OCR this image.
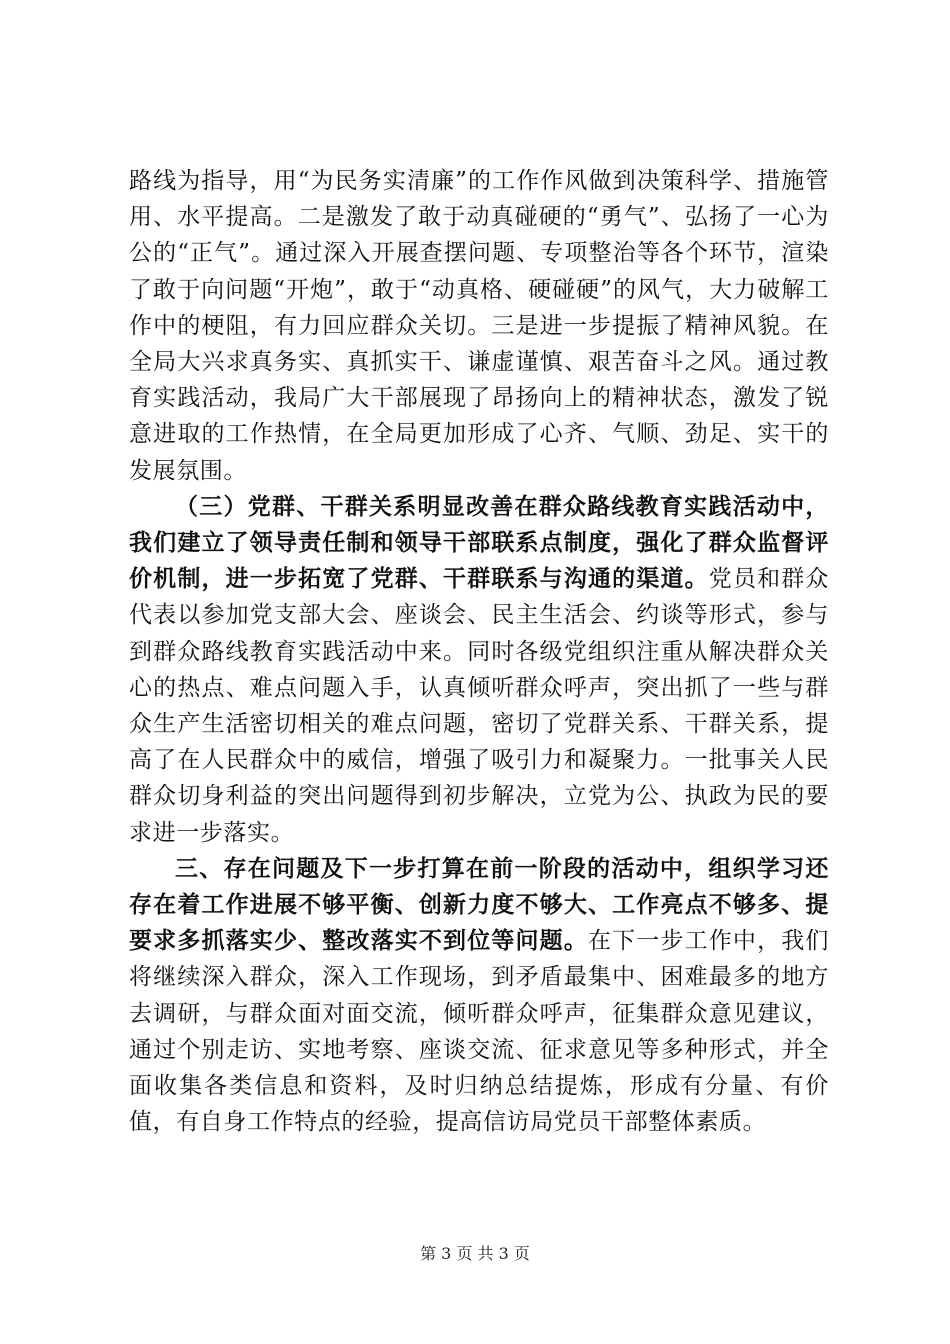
路线为指导，用“为民务实清廉”的工作作风做到决策科学、措施管用、水平提高。二是激发了敢于动真碰硬的“勇气”、弘扬了一心为公的“正气”。通过深入开展查摆问题、专项整治等各个环节，渲染了敢于向问题“开炮”，敢于“动真格、硬碰硬”的风气，大力破解工作中的梗阻，有力回应群众关切。三是进一步提振了精神风貌。在全局大兴求真务实、真抓实干、谦虚谨慎、艰苦奋斗之风。通过教育实践活动，我局广大干部展现了昂扬向上的精神状态，激发了锐意进取的工作热情，在全局更加形成了心齐、气顺、劲足、实干的发展氛围。

（三）党群、干群关系明显改善在群众路线教育实践活动中，我们建立了领导责任制和领导干部联系点制度，强化了群众监督评价机制，进一步拓宽了党群、干群联系与沟通的渠道。党员和群众代表以参加党支部大会、座谈会、民主生活会、约谈等形式，参与到群众路线教育实践活动中来。同时各级党组织注重从解决群众关心的热点、难点问题入手，认真倾听群众呼声，突出抓了一些与群众生产生活密切相关的难点问题，密切了党群关系、干群关系，提高了在人民群众中的威信，增强了吸引力和凝聚力。一批事关人民群众切身利益的突出问题得到初步解决，立党为公、执政为民的要求进一步落实。

三、存在问题及下一步打算在前一阶段的活动中，组织学习还存在着工作进展不够平衡、创新力度不够大、工作亮点不够多、提要求多抓落实少、整改落实不到位等问题。在下一步工作中，我们将继续深入群众，深入工作现场，到矛盾最集中、困难最多的地方去调研，与群众面对面交流，倾听群众呼声，征集群众意见建议，通过个别走访、实地考察、座谈交流、征求意见等多种形式，并全面收集各类信息和资料，及时归纳总结提炼，形成有分量、有价值，有自身工作特点的经验，提高信访局党员干部整体素质。

第 3 页 共 3 页
